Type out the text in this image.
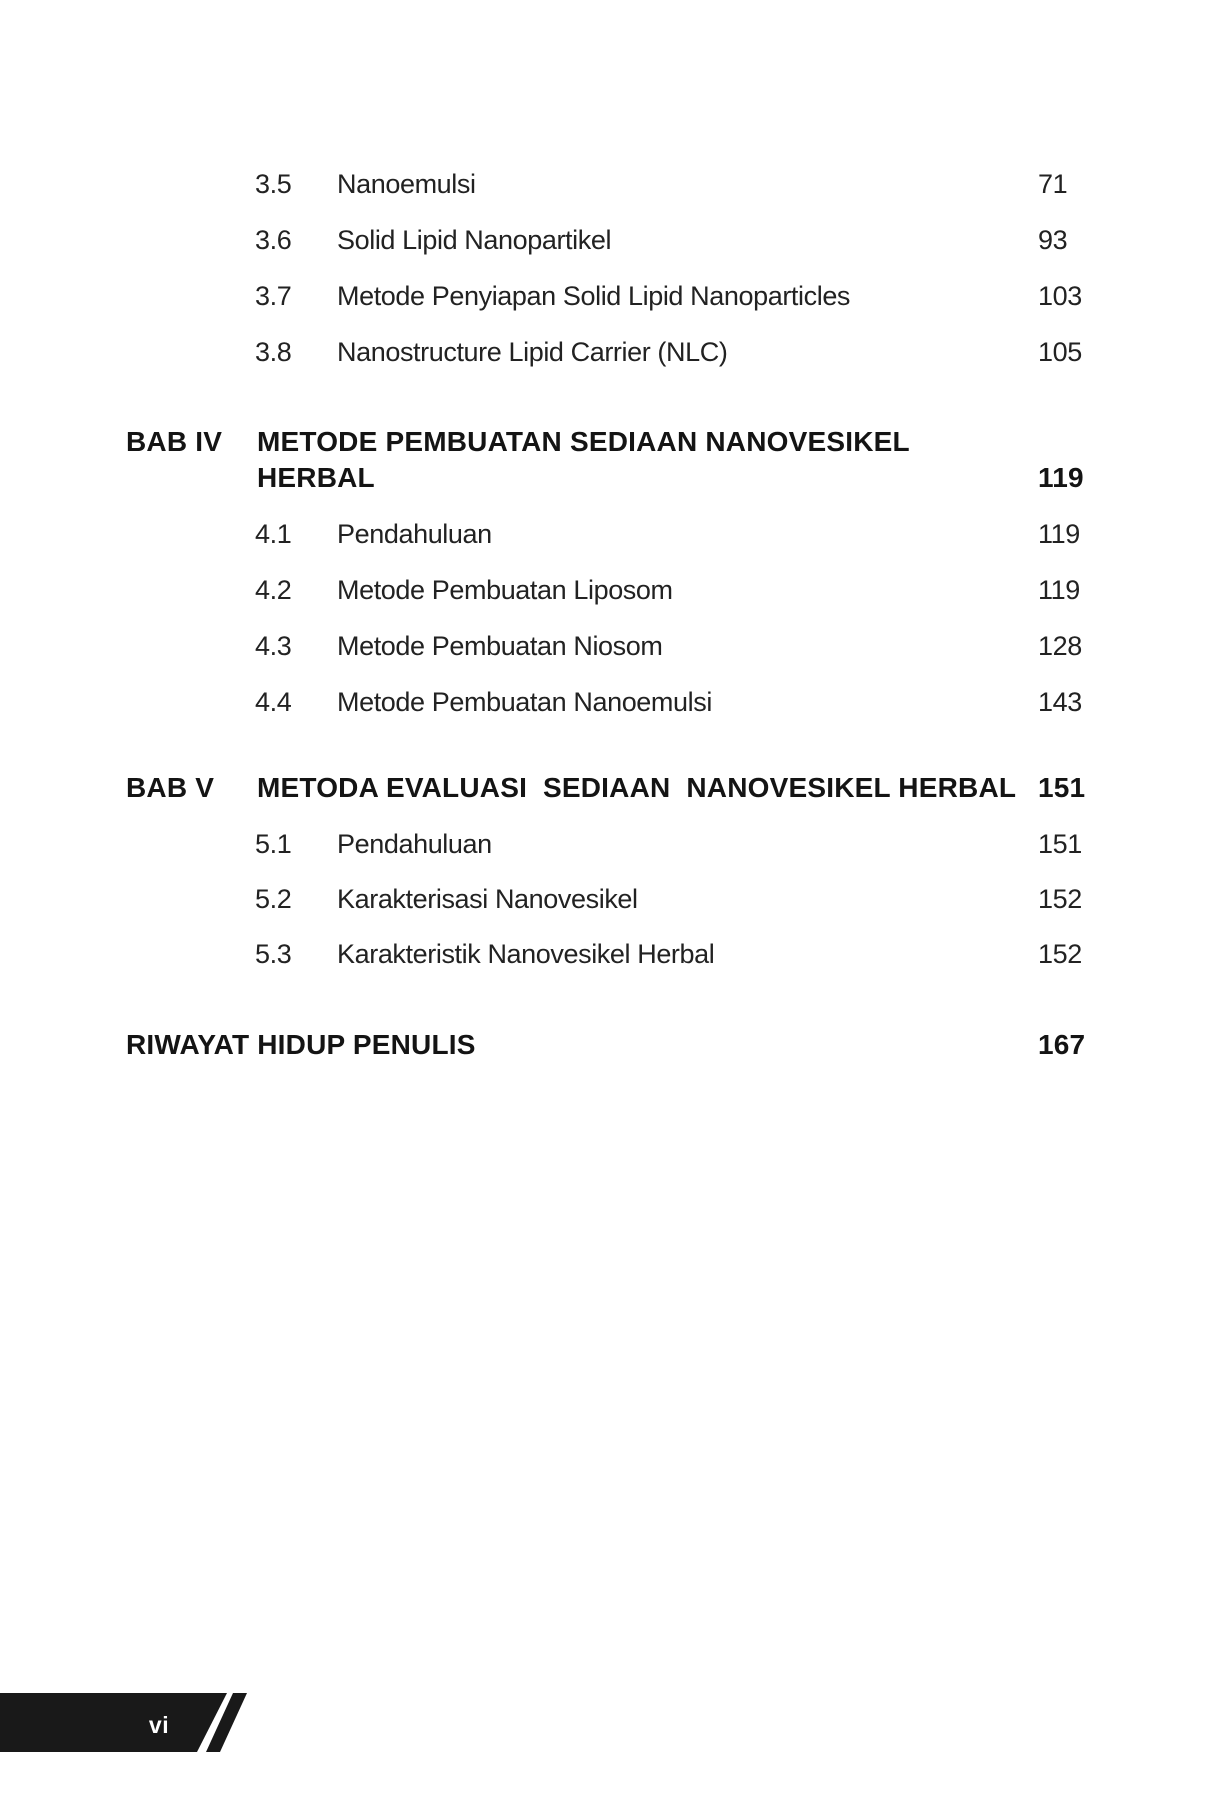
3.5 Nanoemulsi	71
3.6 Solid Lipid Nanopartikel	93
3.7 Metode Penyiapan Solid Lipid Nanoparticles	103
3.8 Nanostructure Lipid Carrier (NLC)	105
BAB IV METODE PEMBUATAN SEDIAAN NANOVESIKEL
HERBAL	119
4.1 Pendahuluan	119
4.2 Metode Pembuatan Liposom	119
4.3 Metode Pembuatan Niosom	128
4.4 Metode Pembuatan Nanoemulsi	143
BAB V METODA EVALUASI  SEDIAAN  NANOVESIKEL HERBAL 151
5.1 Pendahuluan	151
5.2 Karakterisasi Nanovesikel	152
5.3 Karakteristik Nanovesikel Herbal	152
RIWAYAT HIDUP PENULIS	167
vi
